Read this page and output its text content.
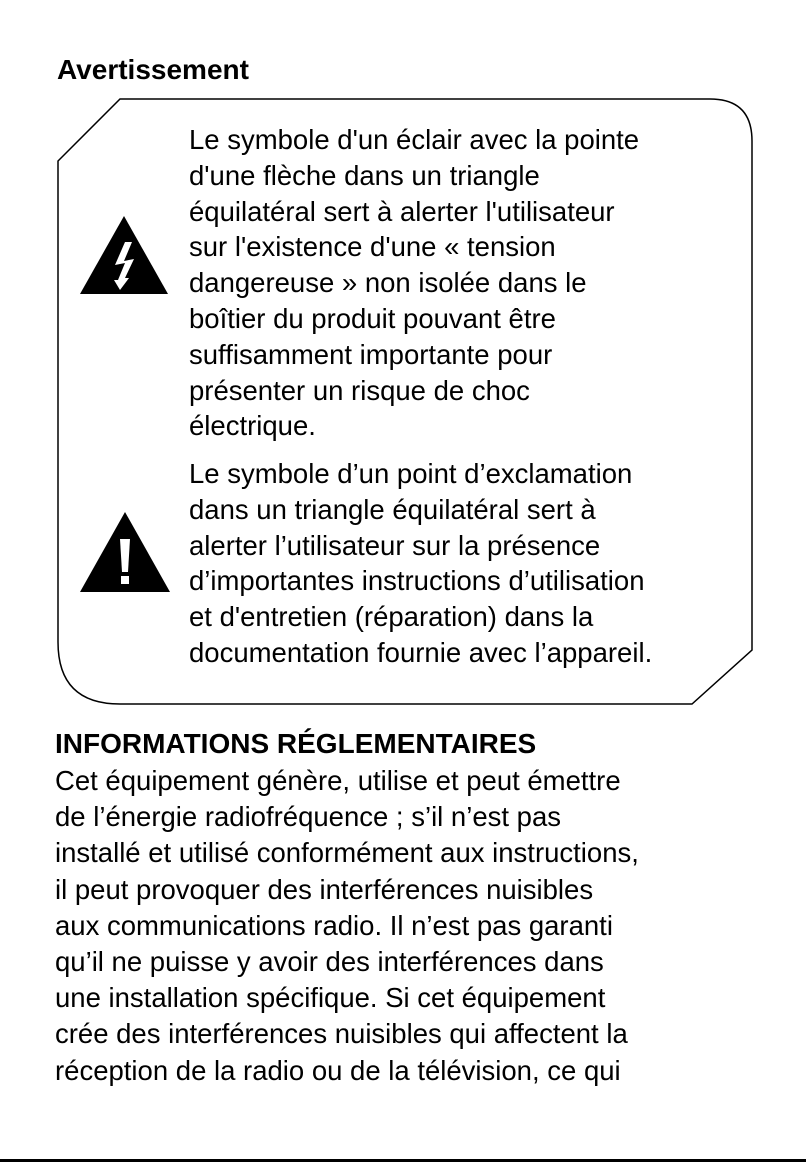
Avertissement

Le symbole d'un éclair avec la pointe
d'une flèche dans un triangle
équilatéral sert à alerter l'utilisateur
sur l'existence d'une « tension
dangereuse » non isolée dans le
boîtier du produit pouvant être
suffisamment importante pour
présenter un risque de choc
électrique.

Le symbole d’un point d’exclamation
dans un triangle équilatéral sert à
alerter l’utilisateur sur la présence
d’importantes instructions d’utilisation
et d'entretien (réparation) dans la
documentation fournie avec l’appareil.

INFORMATIONS RÉGLEMENTAIRES

Cet équipement génère, utilise et peut émettre
de l’énergie radiofréquence ; s’il n’est pas
installé et utilisé conformément aux instructions,
il peut provoquer des interférences nuisibles
aux communications radio. Il n’est pas garanti
qu’il ne puisse y avoir des interférences dans
une installation spécifique. Si cet équipement
crée des interférences nuisibles qui affectent la
réception de la radio ou de la télévision, ce qui
